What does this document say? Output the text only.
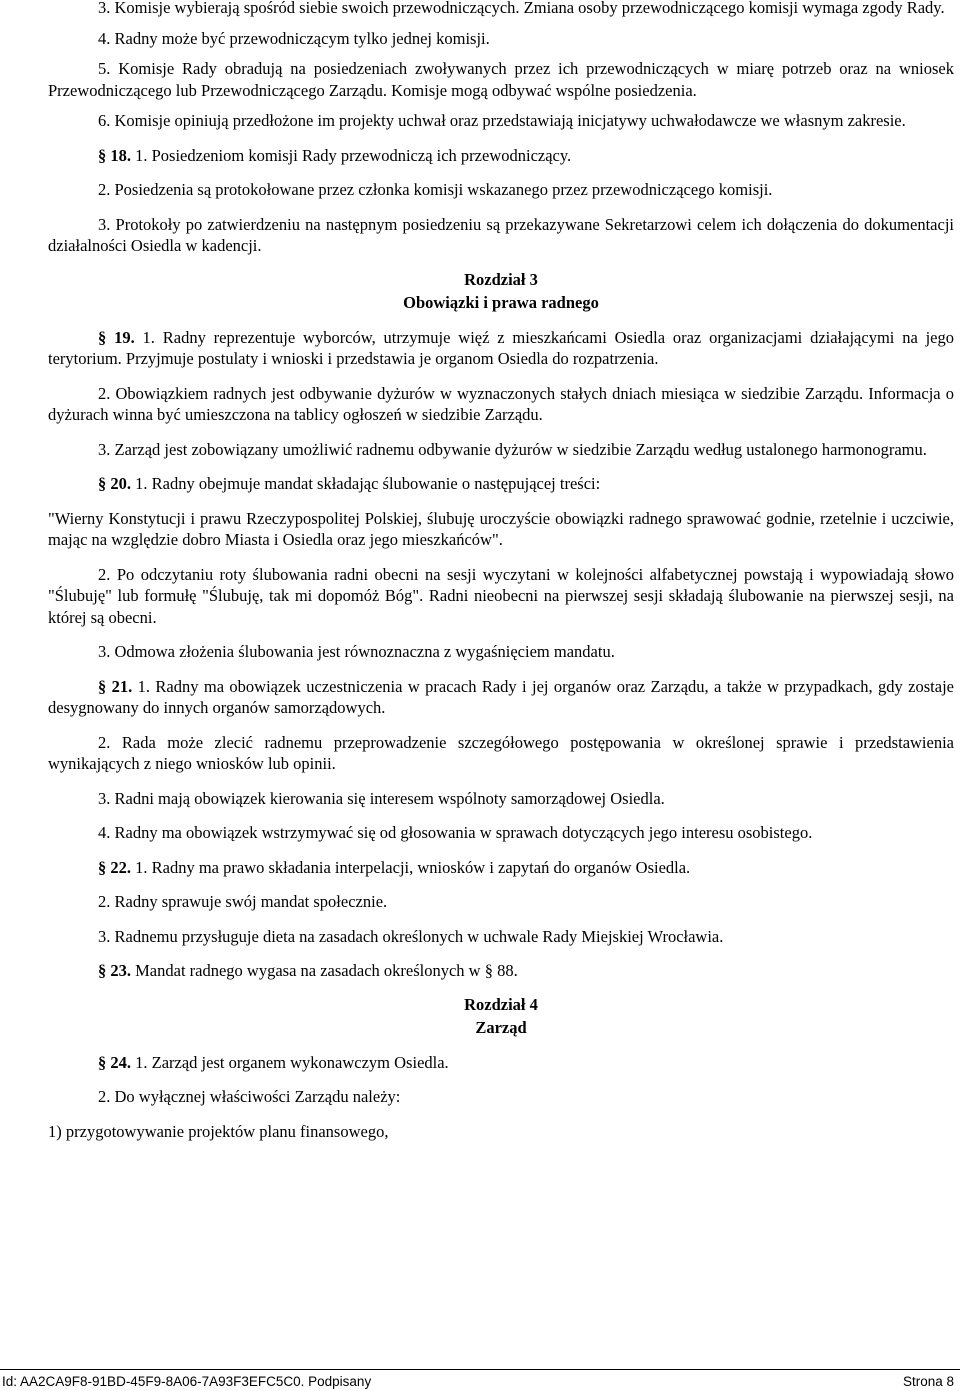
3. Komisje wybierają spośród siebie swoich przewodniczących. Zmiana osoby przewodniczącego komisji wymaga zgody Rady.

4. Radny może być przewodniczącym tylko jednej komisji.

5. Komisje Rady obradują na posiedzeniach zwoływanych przez ich przewodniczących w miarę potrzeb oraz na wniosek Przewodniczącego lub Przewodniczącego Zarządu. Komisje mogą odbywać wspólne posiedzenia.

6. Komisje opiniują przedłożone im projekty uchwał oraz przedstawiają inicjatywy uchwałodawcze we własnym zakresie.

§ 18. 1. Posiedzeniom komisji Rady przewodniczą ich przewodniczący.

2. Posiedzenia są protokołowane przez członka komisji wskazanego przez przewodniczącego komisji.

3. Protokoły po zatwierdzeniu na następnym posiedzeniu są przekazywane Sekretarzowi celem ich dołączenia do dokumentacji działalności Osiedla w kadencji.

Rozdział 3

Obowiązki i prawa radnego

§ 19. 1. Radny reprezentuje wyborców, utrzymuje więź z mieszkańcami Osiedla oraz organizacjami działającymi na jego terytorium. Przyjmuje postulaty i wnioski i przedstawia je organom Osiedla do rozpatrzenia.

2. Obowiązkiem radnych jest odbywanie dyżurów w wyznaczonych stałych dniach miesiąca w siedzibie Zarządu. Informacja o dyżurach winna być umieszczona na tablicy ogłoszeń w siedzibie Zarządu.

3. Zarząd jest zobowiązany umożliwić radnemu odbywanie dyżurów w siedzibie Zarządu według ustalonego harmonogramu.

§ 20. 1. Radny obejmuje mandat składając ślubowanie o następującej treści:

"Wierny Konstytucji i prawu Rzeczypospolitej Polskiej, ślubuję uroczyście obowiązki radnego sprawować godnie, rzetelnie i uczciwie, mając na względzie dobro Miasta i Osiedla oraz jego mieszkańców".

2. Po odczytaniu roty ślubowania radni obecni na sesji wyczytani w kolejności alfabetycznej powstają i wypowiadają słowo "Ślubuję" lub formułę "Ślubuję, tak mi dopomóż Bóg". Radni nieobecni na pierwszej sesji składają ślubowanie na pierwszej sesji, na której są obecni.

3. Odmowa złożenia ślubowania jest równoznaczna z wygaśnięciem mandatu.

§ 21. 1. Radny ma obowiązek uczestniczenia w pracach Rady i jej organów oraz Zarządu, a także w przypadkach, gdy zostaje desygnowany do innych organów samorządowych.

2. Rada może zlecić radnemu przeprowadzenie szczegółowego postępowania w określonej sprawie i przedstawienia wynikających z niego wniosków lub opinii.

3. Radni mają obowiązek kierowania się interesem wspólnoty samorządowej Osiedla.

4. Radny ma obowiązek wstrzymywać się od głosowania w sprawach dotyczących jego interesu osobistego.

§ 22. 1. Radny ma prawo składania interpelacji, wniosków i zapytań do organów Osiedla.

2. Radny sprawuje swój mandat społecznie.

3. Radnemu przysługuje dieta na zasadach określonych w uchwale Rady Miejskiej Wrocławia.

§ 23. Mandat radnego wygasa na zasadach określonych w § 88.

Rozdział 4

Zarząd

§ 24. 1. Zarząd jest organem wykonawczym Osiedla.

2. Do wyłącznej właściwości Zarządu należy:

1) przygotowywanie projektów planu finansowego,

Id: AA2CA9F8-91BD-45F9-8A06-7A93F3EFC5C0. Podpisany	Strona 8
